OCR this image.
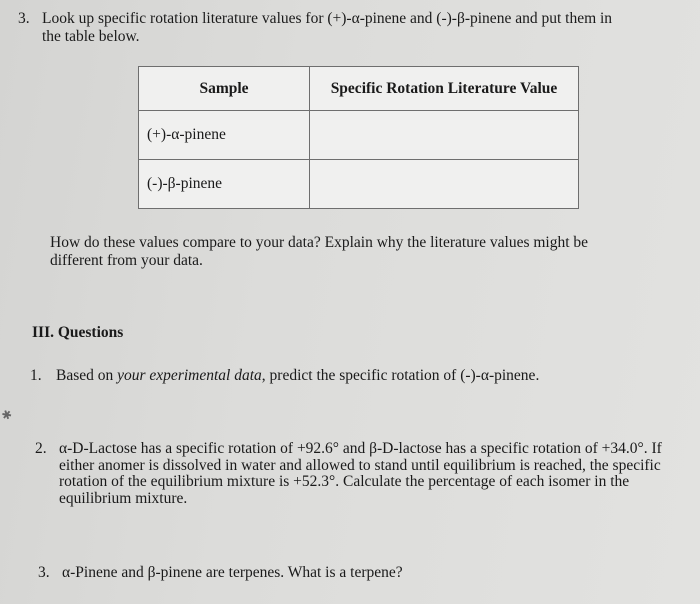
3. Look up specific rotation literature values for (+)-α-pinene and (-)-β-pinene and put them in
the table below.
Sample	Specific Rotation Literature Value
(+)-α-pinene	
(-)-β-pinene	
How do these values compare to your data? Explain why the literature values might be
different from your data.
III. Questions
1. Based on your experimental data, predict the specific rotation of (-)-α-pinene.
✱
2. α-D-Lactose has a specific rotation of +92.6° and β-D-lactose has a specific rotation of +34.0°. If
either anomer is dissolved in water and allowed to stand until equilibrium is reached, the specific
rotation of the equilibrium mixture is +52.3°. Calculate the percentage of each isomer in the
equilibrium mixture.
3. α-Pinene and β-pinene are terpenes. What is a terpene?
